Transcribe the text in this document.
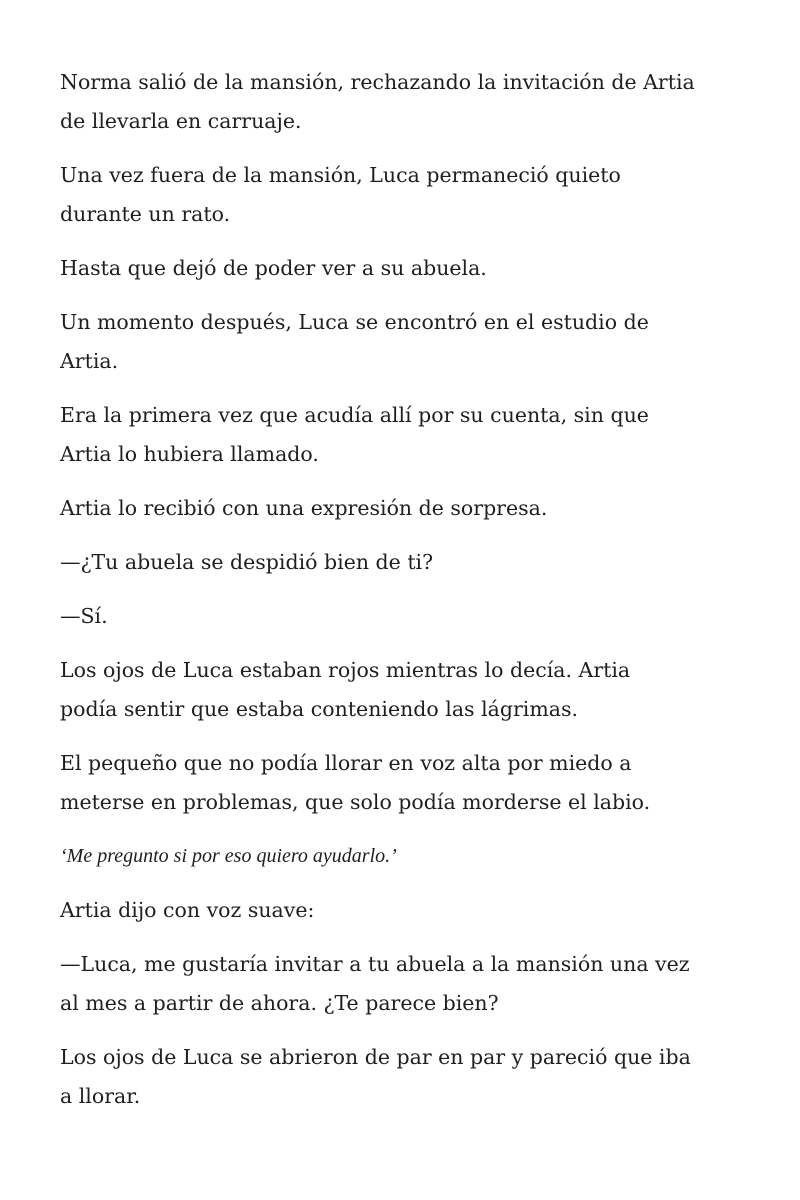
Norma salió de la mansión, rechazando la invitación de Artia
de llevarla en carruaje.

Una vez fuera de la mansión, Luca permaneció quieto
durante un rato.

Hasta que dejó de poder ver a su abuela.

Un momento después, Luca se encontró en el estudio de
Artia.

Era la primera vez que acudía allí por su cuenta, sin que
Artia lo hubiera llamado.

Artia lo recibió con una expresión de sorpresa.

—¿Tu abuela se despidió bien de ti?

—Sí.

Los ojos de Luca estaban rojos mientras lo decía. Artia
podía sentir que estaba conteniendo las lágrimas.

El pequeño que no podía llorar en voz alta por miedo a
meterse en problemas, que solo podía morderse el labio.

‘Me pregunto si por eso quiero ayudarlo.’

Artia dijo con voz suave:

—Luca, me gustaría invitar a tu abuela a la mansión una vez
al mes a partir de ahora. ¿Te parece bien?

Los ojos de Luca se abrieron de par en par y pareció que iba
a llorar.
